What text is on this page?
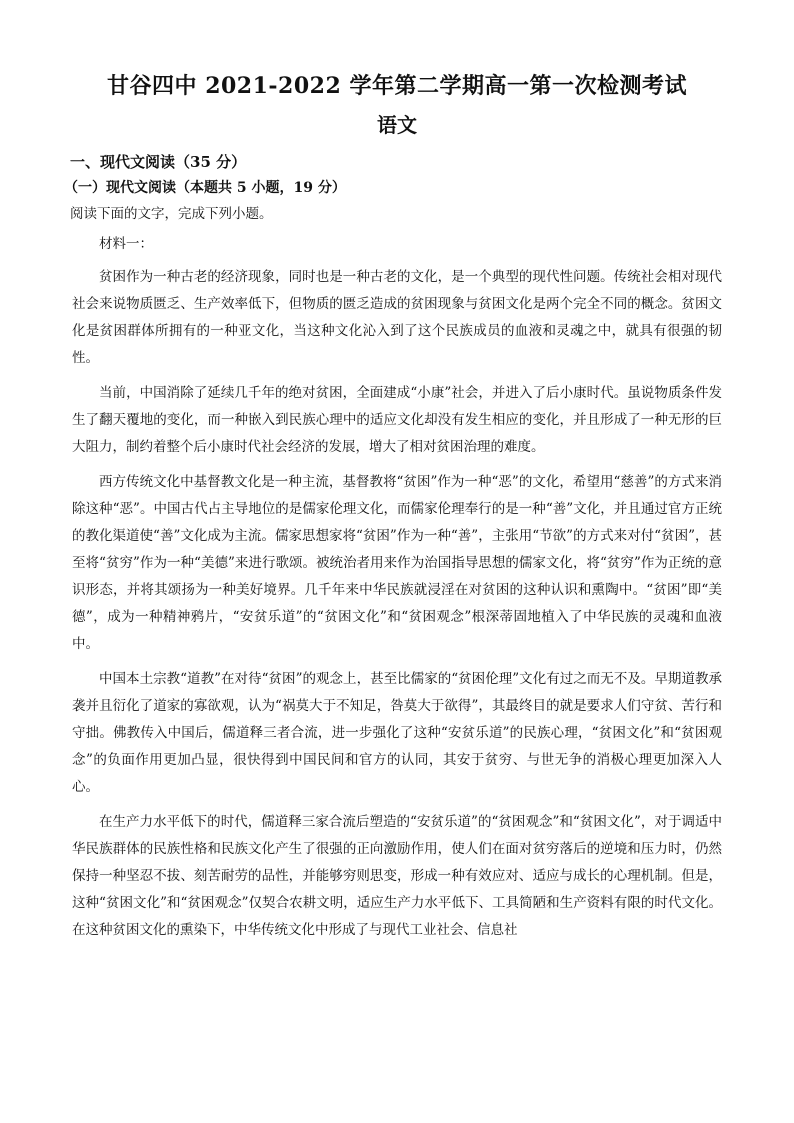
甘谷四中 2021-2022 学年第二学期高一第一次检测考试
语文
一、现代文阅读（35 分）
（一）现代文阅读（本题共 5 小题，19 分）
阅读下面的文字，完成下列小题。
材料一：

贫困作为一种古老的经济现象，同时也是一种古老的文化，是一个典型的现代性问题。传统社会相对现代社会来说物质匮乏、生产效率低下，但物质的匮乏造成的贫困现象与贫困文化是两个完全不同的概念。贫困文化是贫困群体所拥有的一种亚文化，当这种文化沁入到了这个民族成员的血液和灵魂之中，就具有很强的韧性。

当前，中国消除了延续几千年的绝对贫困，全面建成“小康”社会，并进入了后小康时代。虽说物质条件发生了翻天覆地的变化，而一种嵌入到民族心理中的适应文化却没有发生相应的变化，并且形成了一种无形的巨大阻力，制约着整个后小康时代社会经济的发展，增大了相对贫困治理的难度。

西方传统文化中基督教文化是一种主流，基督教将“贫困”作为一种“恶”的文化，希望用“慈善”的方式来消除这种“恶”。中国古代占主导地位的是儒家伦理文化，而儒家伦理奉行的是一种“善”文化，并且通过官方正统的教化渠道使“善”文化成为主流。儒家思想家将“贫困”作为一种“善”，主张用“节欲”的方式来对付“贫困”，甚至将“贫穷”作为一种“美德”来进行歌颂。被统治者用来作为治国指导思想的儒家文化，将“贫穷”作为正统的意识形态，并将其颂扬为一种美好境界。几千年来中华民族就浸淫在对贫困的这种认识和熏陶中。“贫困”即“美德”，成为一种精神鸦片，“安贫乐道”的“贫困文化”和“贫困观念”根深蒂固地植入了中华民族的灵魂和血液中。

中国本土宗教“道教”在对待“贫困”的观念上，甚至比儒家的“贫困伦理”文化有过之而无不及。早期道教承袭并且衍化了道家的寡欲观，认为“祸莫大于不知足，咎莫大于欲得”，其最终目的就是要求人们守贫、苦行和守拙。佛教传入中国后，儒道释三者合流，进一步强化了这种“安贫乐道”的民族心理，“贫困文化”和“贫困观念”的负面作用更加凸显，很快得到中国民间和官方的认同，其安于贫穷、与世无争的消极心理更加深入人心。

在生产力水平低下的时代，儒道释三家合流后塑造的“安贫乐道”的“贫困观念”和“贫困文化”，对于调适中华民族群体的民族性格和民族文化产生了很强的正向激励作用，使人们在面对贫穷落后的逆境和压力时，仍然保持一种坚忍不拔、刻苦耐劳的品性，并能够穷则思变，形成一种有效应对、适应与成长的心理机制。但是，这种“贫困文化”和“贫困观念”仅契合农耕文明，适应生产力水平低下、工具简陋和生产资料有限的时代文化。在这种贫困文化的熏染下，中华传统文化中形成了与现代工业社会、信息社
